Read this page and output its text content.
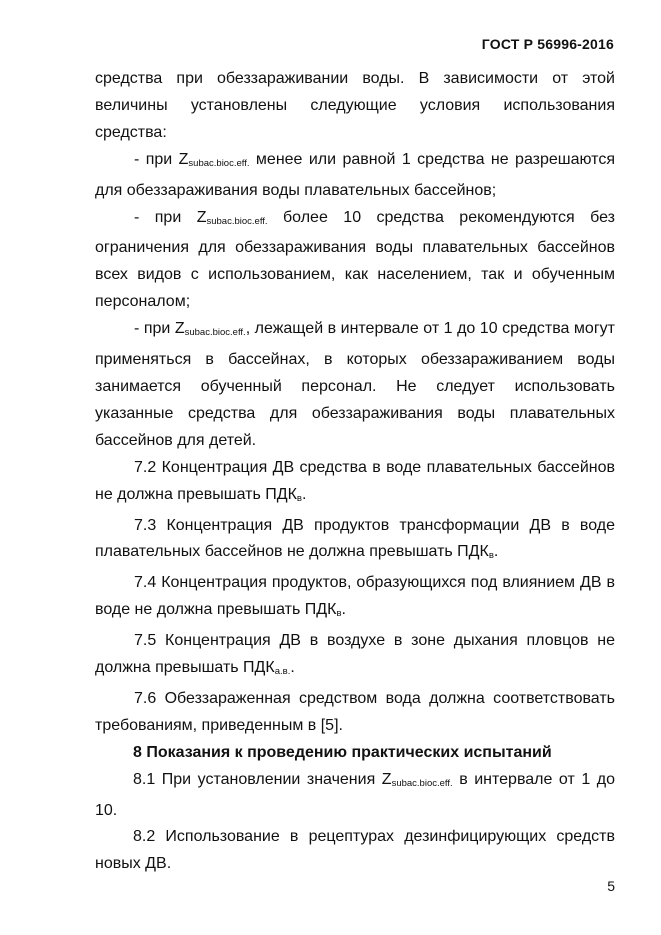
ГОСТ Р 56996-2016

средства при обеззараживании воды. В зависимости от этой величины установлены следующие условия использования средства:

- при $Z_{subac.bioc.eff.}$ менее или равной 1 средства не разрешаются для обеззараживания воды плавательных бассейнов;

- при $Z_{subac.bioc.eff.}$ более 10 средства рекомендуются без ограничения для обеззараживания воды плавательных бассейнов всех видов с использованием, как населением, так и обученным персоналом;

- при $Z_{subac.bioc.eff.}$, лежащей в интервале от 1 до 10 средства могут применяться в бассейнах, в которых обеззараживанием воды занимается обученный персонал. Не следует использовать указанные средства для обеззараживания воды плавательных бассейнов для детей.

7.2 Концентрация ДВ средства в воде плавательных бассейнов не должна превышать $ПДК_в$.

7.3 Концентрация ДВ продуктов трансформации ДВ в воде плавательных бассейнов не должна превышать $ПДК_в$.

7.4 Концентрация продуктов, образующихся под влиянием ДВ в воде не должна превышать $ПДК_в$.

7.5 Концентрация ДВ в воздухе в зоне дыхания пловцов не должна превышать $ПДК_{а.в.}$.

7.6 Обеззараженная средством вода должна соответствовать требованиям, приведенным в [5].

8 Показания к проведению практических испытаний

8.1 При установлении значения $Z_{subac.bioc.eff.}$ в интервале от 1 до 10.

8.2 Использование в рецептурах дезинфицирующих средств новых ДВ.

5
